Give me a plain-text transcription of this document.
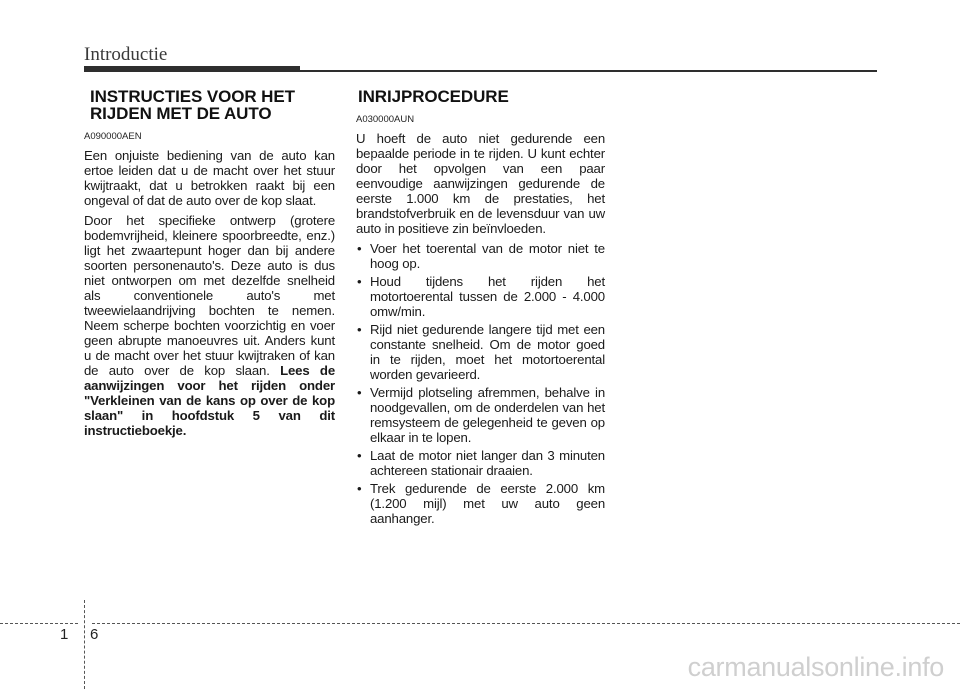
Introductie
INSTRUCTIES VOOR HET
RIJDEN MET DE AUTO
A090000AEN

Een onjuiste bediening van de auto kan ertoe leiden dat u de macht over het stuur kwijtraakt, dat u betrokken raakt bij een ongeval of dat de auto over de kop slaat.

Door het specifieke ontwerp (grotere bodemvrijheid, kleinere spoorbreedte, enz.) ligt het zwaartepunt hoger dan bij andere soorten personenauto's. Deze auto is dus niet ontworpen om met dezelfde snelheid als conventionele auto's met tweewielaandrijving bochten te nemen. Neem scherpe bochten voorzichtig en voer geen abrupte manoeuvres uit. Anders kunt u de macht over het stuur kwijtraken of kan de auto over de kop slaan. Lees de aanwijzingen voor het rijden onder "Verkleinen van de kans op over de kop slaan" in hoofdstuk 5 van dit instructieboekje.

INRIJPROCEDURE
A030000AUN

U hoeft de auto niet gedurende een bepaalde periode in te rijden. U kunt echter door het opvolgen van een paar eenvoudige aanwijzingen gedurende de eerste 1.000 km de prestaties, het brandstofverbruik en de levensduur van uw auto in positieve zin beïnvloeden.

• Voer het toerental van de motor niet te hoog op.
• Houd tijdens het rijden het motortoerental tussen de 2.000 - 4.000 omw/min.
• Rijd niet gedurende langere tijd met een constante snelheid. Om de motor goed in te rijden, moet het motortoerental worden gevarieerd.
• Vermijd plotseling afremmen, behalve in noodgevallen, om de onderdelen van het remsysteem de gelegenheid te geven op elkaar in te lopen.
• Laat de motor niet langer dan 3 minuten achtereen stationair draaien.
• Trek gedurende de eerste 2.000 km (1.200 mijl) met uw auto geen aanhanger.
1 6
carmanualsonline.info
